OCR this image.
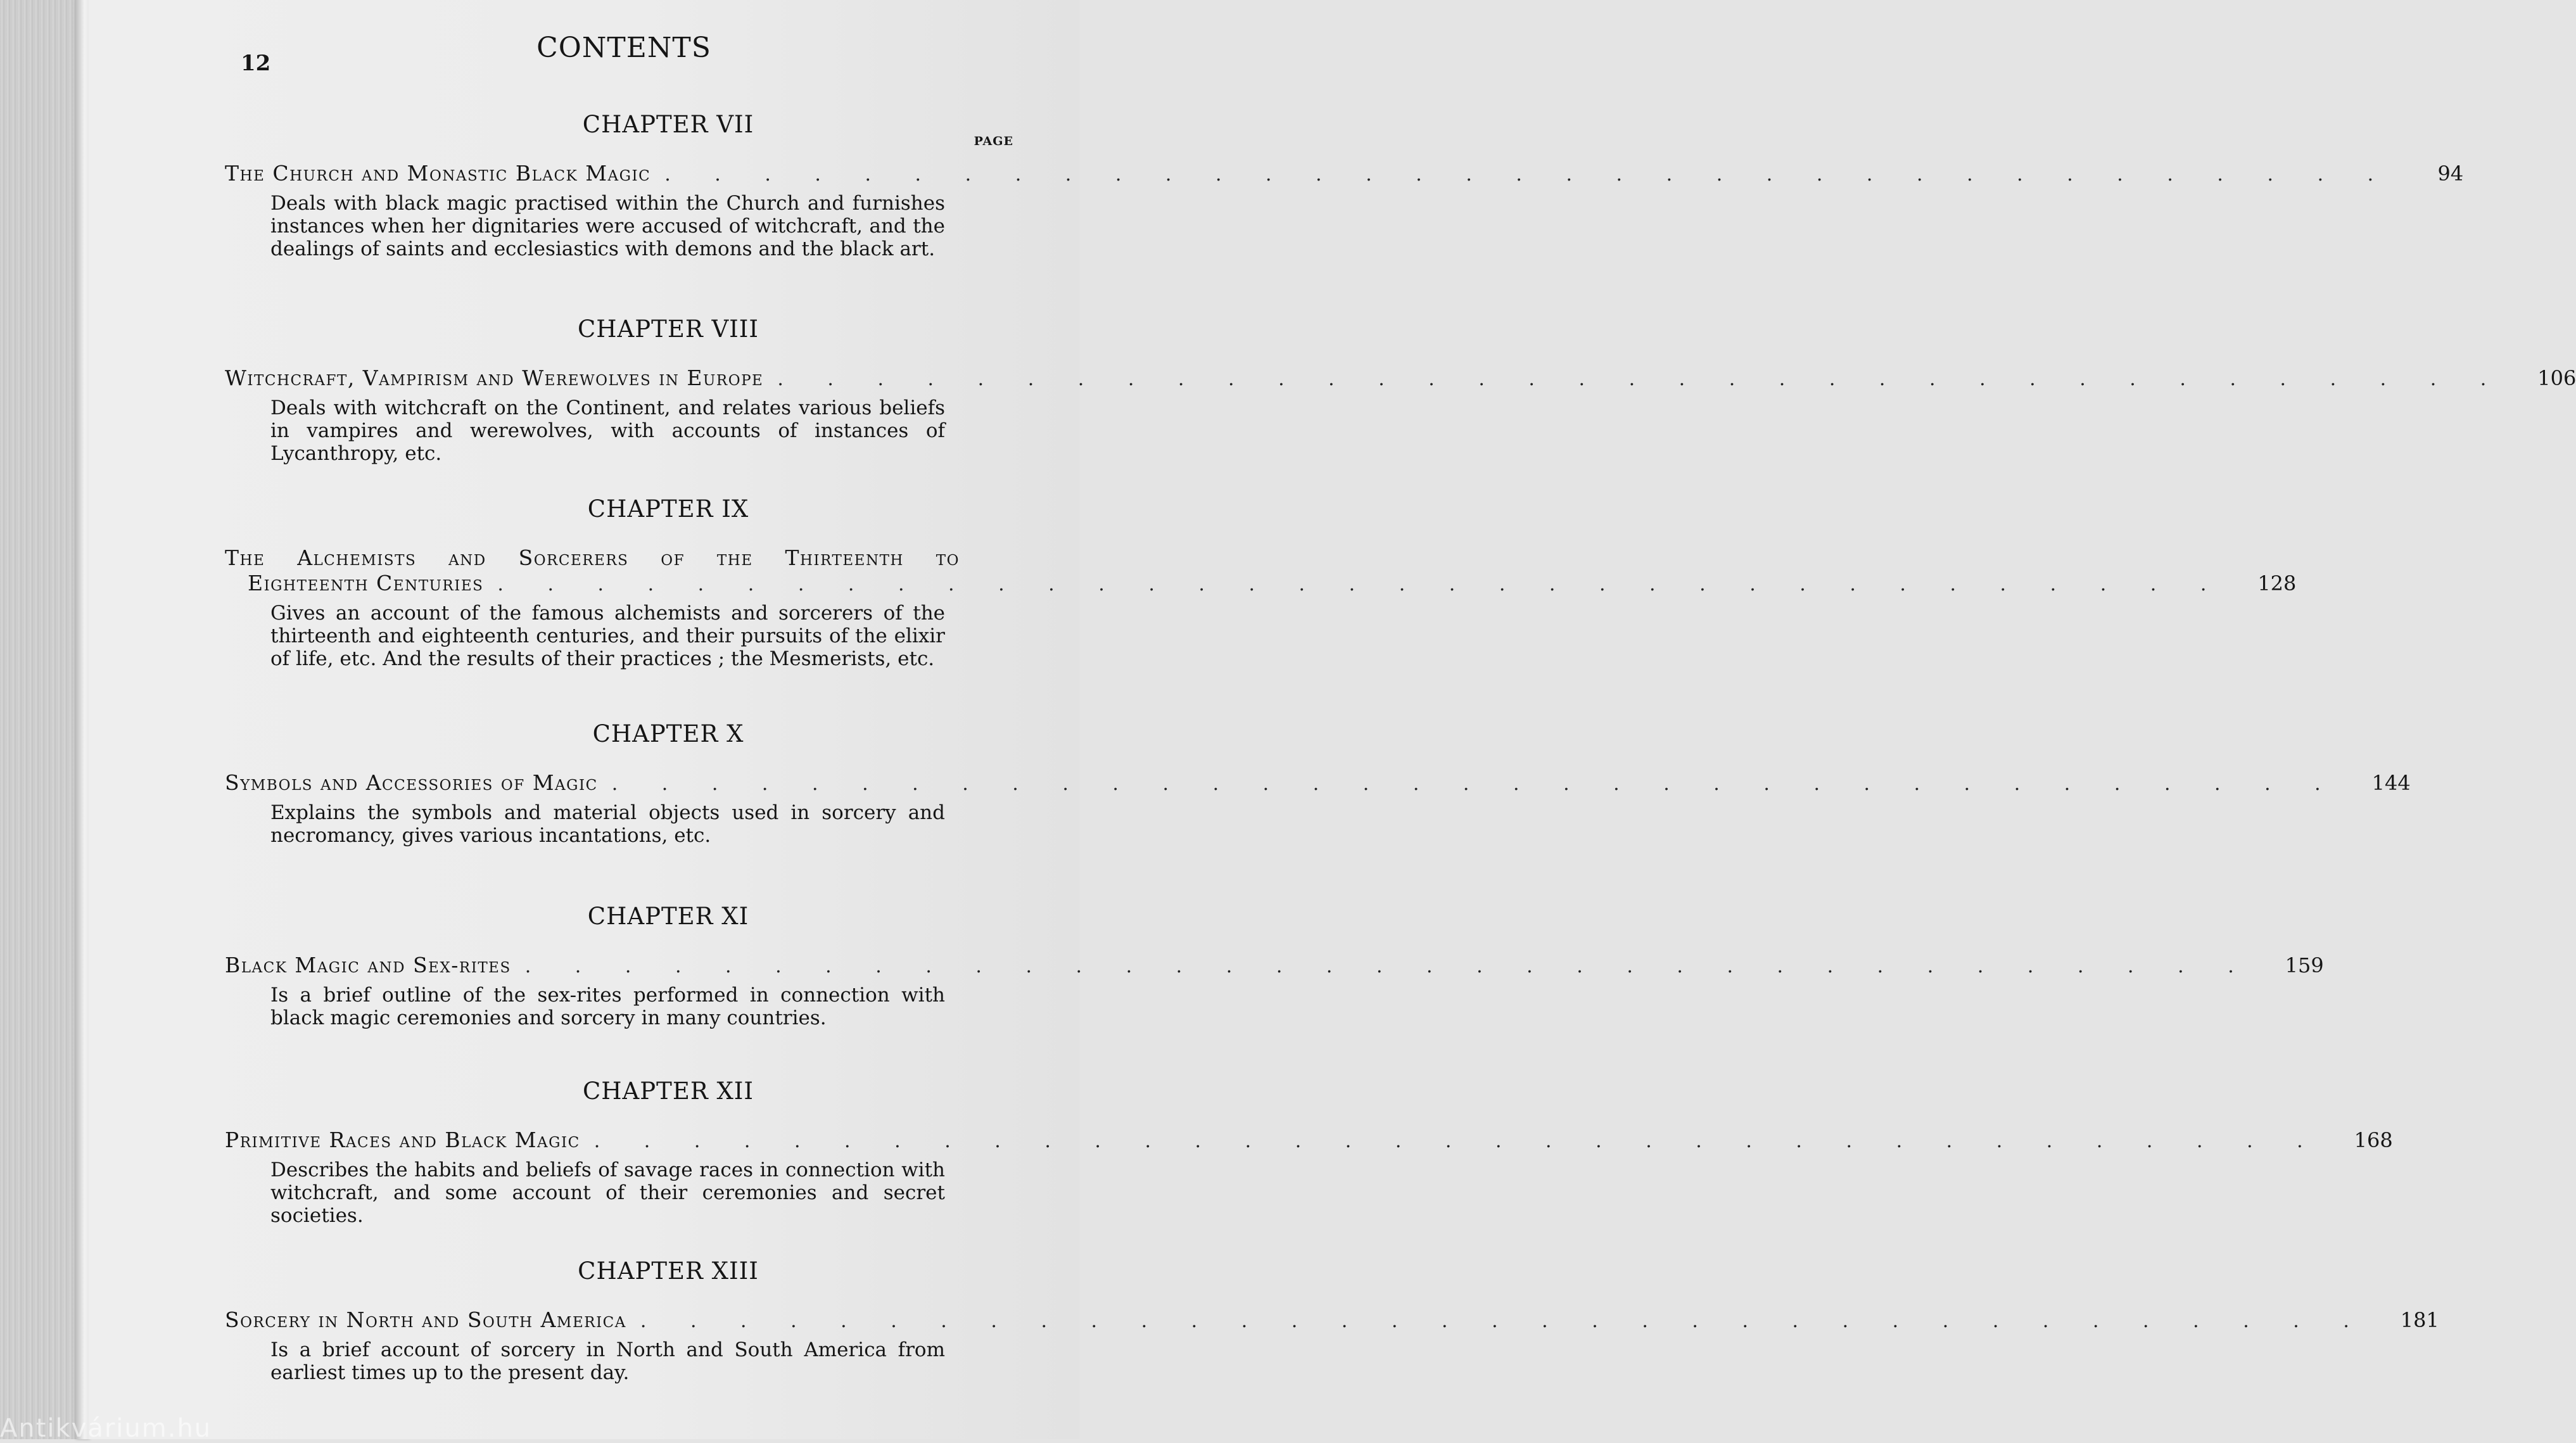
12	CONTENTS
PAGE
CHAPTER VII
The Church and Monastic Black Magic . . . . . . . . . . . . . . . . . . . . . . . . . . . . . . . . . . .	94
Deals with black magic practised within the Church and furnishes instances when her dignitaries were accused of witchcraft, and the dealings of saints and ecclesiastics with demons and the black art.
CHAPTER VIII
Witchcraft, Vampirism and Werewolves in Europe . . . . . . . . . . . . . . . . . . . . . . . . . . . . . . . . . . .	106
Deals with witchcraft on the Continent, and relates various beliefs in vampires and werewolves, with accounts of instances of Lycanthropy, etc.
CHAPTER IX
The Alchemists and Sorcerers of the Thirteenth to
Eighteenth Centuries . . . . . . . . . . . . . . . . . . . . . . . . . . . . . . . . . . .	128
Gives an account of the famous alchemists and sorcerers of the thirteenth and eighteenth centuries, and their pursuits of the elixir of life, etc. And the results of their practices ; the Mesmerists, etc.
CHAPTER X
Symbols and Accessories of Magic . . . . . . . . . . . . . . . . . . . . . . . . . . . . . . . . . . .	144
Explains the symbols and material objects used in sorcery and necromancy, gives various incantations, etc.
CHAPTER XI
Black Magic and Sex-rites . . . . . . . . . . . . . . . . . . . . . . . . . . . . . . . . . . .	159
Is a brief outline of the sex-rites performed in connection with black magic ceremonies and sorcery in many countries.
CHAPTER XII
Primitive Races and Black Magic . . . . . . . . . . . . . . . . . . . . . . . . . . . . . . . . . . .	168
Describes the habits and beliefs of savage races in connection with witchcraft, and some account of their ceremonies and secret societies.
CHAPTER XIII
Sorcery in North and South America . . . . . . . . . . . . . . . . . . . . . . . . . . . . . . . . . . .	181
Is a brief account of sorcery in North and South America from earliest times up to the present day.
Antikvárium.hu
